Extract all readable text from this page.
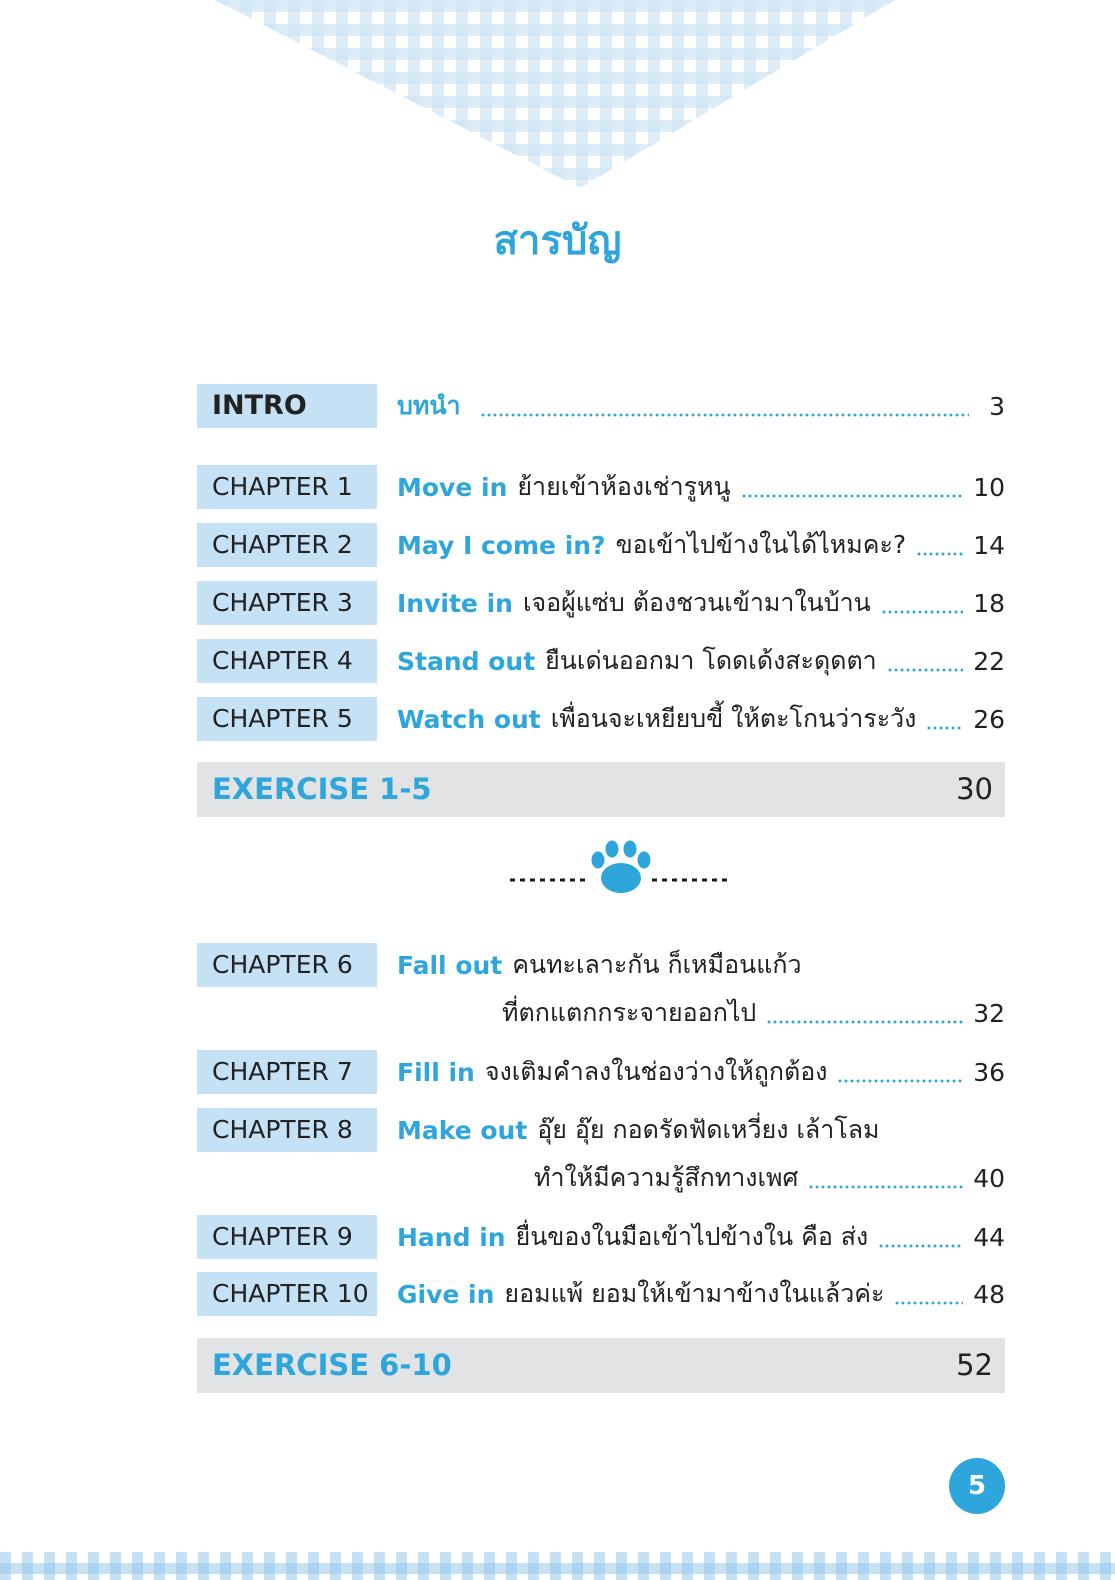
สารบัญ
INTRO	บทนำ	3
CHAPTER 1	Move in ย้ายเข้าห้องเช่ารูหนู	10
CHAPTER 2	May I come in? ขอเข้าไปข้างในได้ไหมคะ?	14
CHAPTER 3	Invite in เจอผู้แซ่บ ต้องชวนเข้ามาในบ้าน	18
CHAPTER 4	Stand out ยืนเด่นออกมา โดดเด้งสะดุดตา	22
CHAPTER 5	Watch out เพื่อนจะเหยียบขี้ ให้ตะโกนว่าระวัง 26
EXERCISE 1-5	30
CHAPTER 6	Fall out คนทะเลาะกัน ก็เหมือนแก้ว
ที่ตกแตกกระจายออกไป	32
CHAPTER 7	Fill in จงเติมคำลงในช่องว่างให้ถูกต้อง	36
CHAPTER 8	Make out อุ๊ย อุ๊ย กอดรัดฟัดเหวี่ยง เล้าโลม
ทำให้มีความรู้สึกทางเพศ	40
CHAPTER 9	Hand in ยื่นของในมือเข้าไปข้างใน คือ ส่ง	44
CHAPTER 10	Give in ยอมแพ้ ยอมให้เข้ามาข้างในแล้วค่ะ	48
EXERCISE 6-10	52
5
